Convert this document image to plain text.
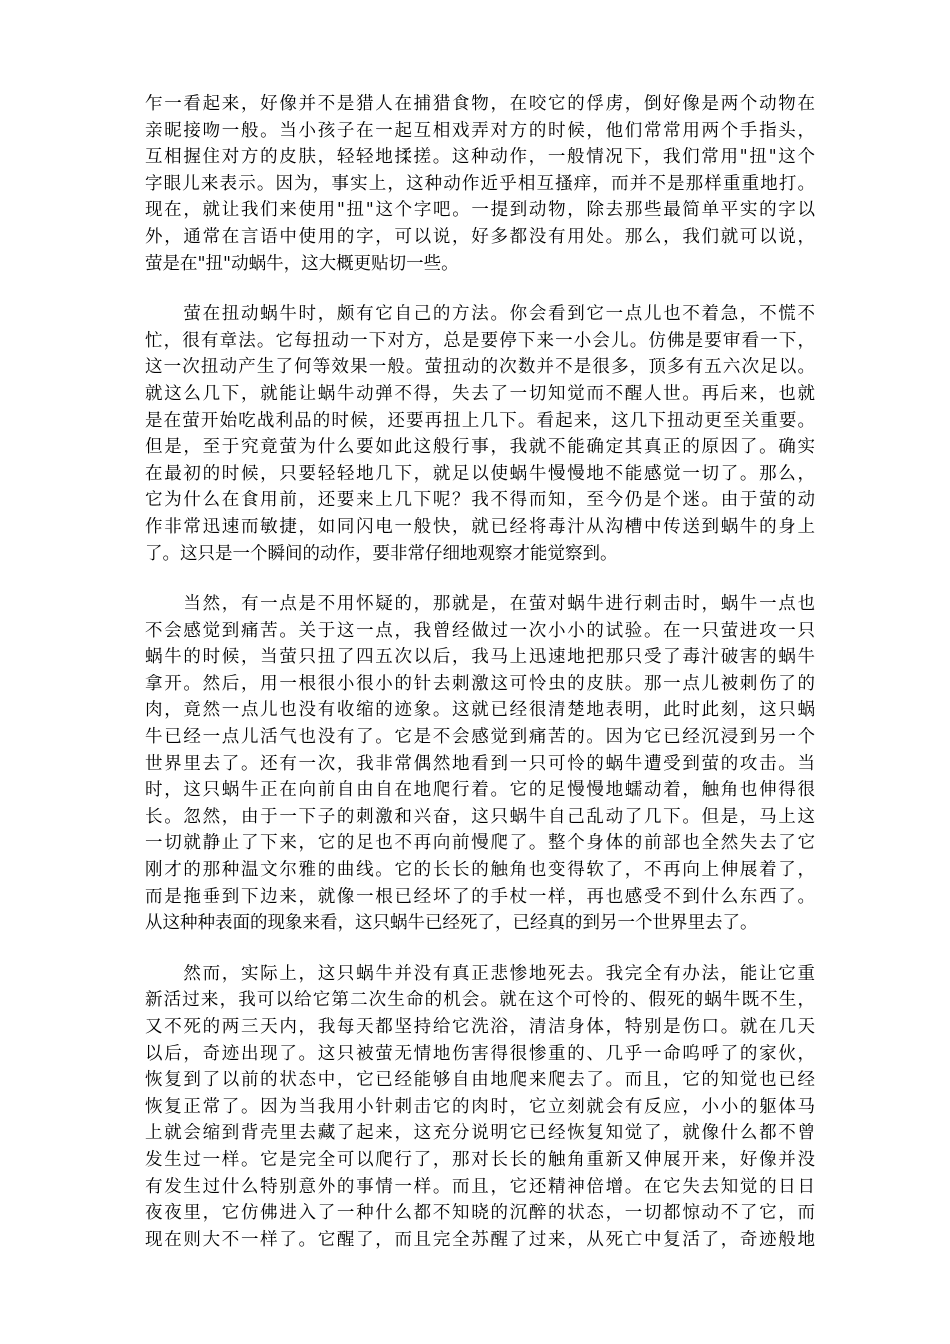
乍一看起来，好像并不是猎人在捕猎食物，在咬它的俘虏，倒好像是两个动物在
亲昵接吻一般。当小孩子在一起互相戏弄对方的时候，他们常常用两个手指头，
互相握住对方的皮肤，轻轻地揉搓。这种动作，一般情况下，我们常用"扭"这个
字眼儿来表示。因为，事实上，这种动作近乎相互搔痒，而并不是那样重重地打。
现在，就让我们来使用"扭"这个字吧。一提到动物，除去那些最简单平实的字以
外，通常在言语中使用的字，可以说，好多都没有用处。那么，我们就可以说，
萤是在"扭"动蜗牛，这大概更贴切一些。

　　萤在扭动蜗牛时，颇有它自己的方法。你会看到它一点儿也不着急，不慌不
忙，很有章法。它每扭动一下对方，总是要停下来一小会儿。仿佛是要审看一下，
这一次扭动产生了何等效果一般。萤扭动的次数并不是很多，顶多有五六次足以。
就这么几下，就能让蜗牛动弹不得，失去了一切知觉而不醒人世。再后来，也就
是在萤开始吃战利品的时候，还要再扭上几下。看起来，这几下扭动更至关重要。
但是，至于究竟萤为什么要如此这般行事，我就不能确定其真正的原因了。确实
在最初的时候，只要轻轻地几下，就足以使蜗牛慢慢地不能感觉一切了。那么，
它为什么在食用前，还要来上几下呢？我不得而知，至今仍是个迷。由于萤的动
作非常迅速而敏捷，如同闪电一般快，就已经将毒汁从沟槽中传送到蜗牛的身上
了。这只是一个瞬间的动作，要非常仔细地观察才能觉察到。

　　当然，有一点是不用怀疑的，那就是，在萤对蜗牛进行刺击时，蜗牛一点也
不会感觉到痛苦。关于这一点，我曾经做过一次小小的试验。在一只萤进攻一只
蜗牛的时候，当萤只扭了四五次以后，我马上迅速地把那只受了毒汁破害的蜗牛
拿开。然后，用一根很小很小的针去刺激这可怜虫的皮肤。那一点儿被刺伤了的
肉，竟然一点儿也没有收缩的迹象。这就已经很清楚地表明，此时此刻，这只蜗
牛已经一点儿活气也没有了。它是不会感觉到痛苦的。因为它已经沉浸到另一个
世界里去了。还有一次，我非常偶然地看到一只可怜的蜗牛遭受到萤的攻击。当
时，这只蜗牛正在向前自由自在地爬行着。它的足慢慢地蠕动着，触角也伸得很
长。忽然，由于一下子的刺激和兴奋，这只蜗牛自己乱动了几下。但是，马上这
一切就静止了下来，它的足也不再向前慢爬了。整个身体的前部也全然失去了它
刚才的那种温文尔雅的曲线。它的长长的触角也变得软了，不再向上伸展着了，
而是拖垂到下边来，就像一根已经坏了的手杖一样，再也感受不到什么东西了。
从这种种表面的现象来看，这只蜗牛已经死了，已经真的到另一个世界里去了。

　　然而，实际上，这只蜗牛并没有真正悲惨地死去。我完全有办法，能让它重
新活过来，我可以给它第二次生命的机会。就在这个可怜的、假死的蜗牛既不生，
又不死的两三天内，我每天都坚持给它洗浴，清洁身体，特别是伤口。就在几天
以后，奇迹出现了。这只被萤无情地伤害得很惨重的、几乎一命呜呼了的家伙，
恢复到了以前的状态中，它已经能够自由地爬来爬去了。而且，它的知觉也已经
恢复正常了。因为当我用小针刺击它的肉时，它立刻就会有反应，小小的躯体马
上就会缩到背壳里去藏了起来，这充分说明它已经恢复知觉了，就像什么都不曾
发生过一样。它是完全可以爬行了，那对长长的触角重新又伸展开来，好像并没
有发生过什么特别意外的事情一样。而且，它还精神倍增。在它失去知觉的日日
夜夜里，它仿佛进入了一种什么都不知晓的沉醉的状态，一切都惊动不了它，而
现在则大不一样了。它醒了，而且完全苏醒了过来，从死亡中复活了，奇迹般地
